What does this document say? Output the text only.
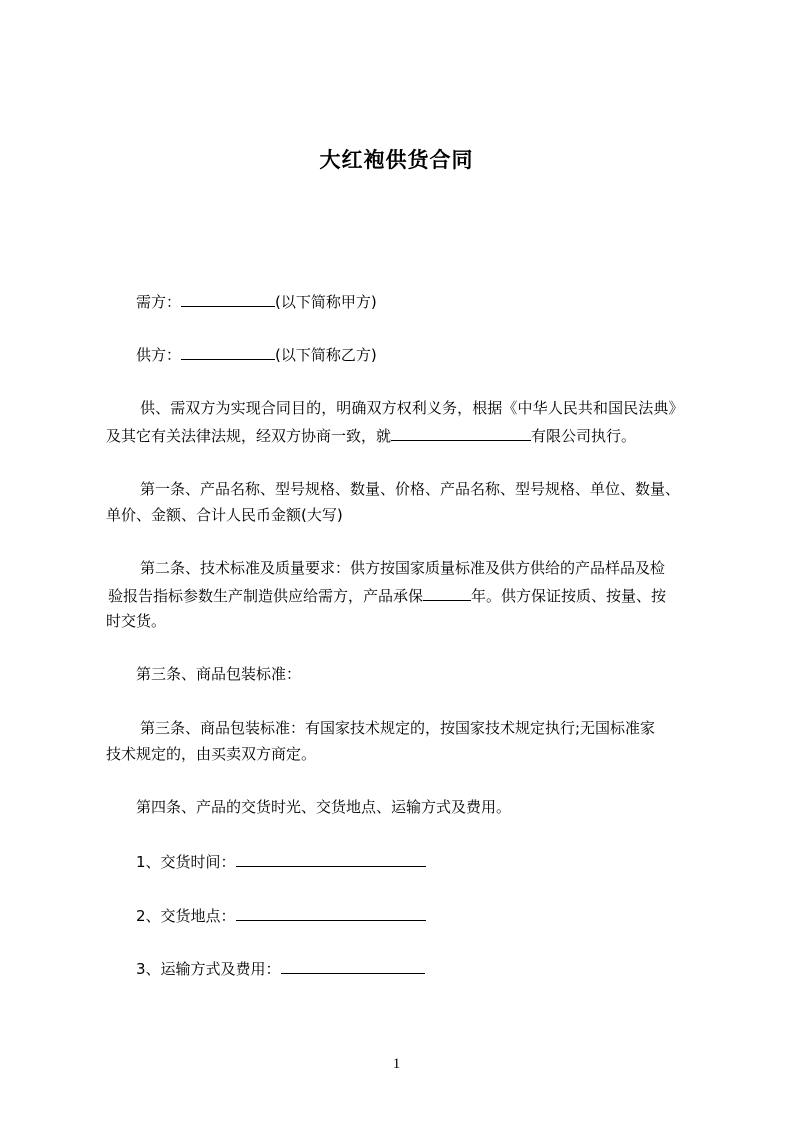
大红袍供货合同
需方：	(以下简称甲方)
供方：	(以下简称乙方)
供、需双方为实现合同目的，明确双方权利义务，根据《中华人民共和国民法典》
及其它有关法律法规，经双方协商一致，就	有限公司执行。
第一条、产品名称、型号规格、数量、价格、产品名称、型号规格、单位、数量、
单价、金额、合计人民币金额(大写)
第二条、技术标准及质量要求：供方按国家质量标准及供方供给的产品样品及检
验报告指标参数生产制造供应给需方，产品承保	年。供方保证按质、按量、按
时交货。
第三条、商品包装标准：
第三条、商品包装标准：有国家技术规定的，按国家技术规定执行;无国标准家
技术规定的，由买卖双方商定。
第四条、产品的交货时光、交货地点、运输方式及费用。
1、交货时间：
2、交货地点：
3、运输方式及费用：
1
